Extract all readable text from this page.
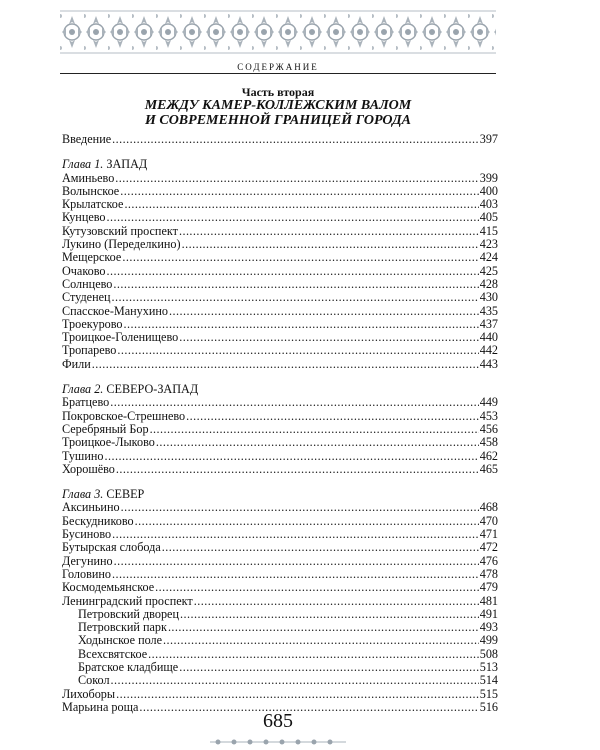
СОДЕРЖАНИЕ
Часть вторая
МЕЖДУ КАМЕР-КОЛЛЕЖСКИМ ВАЛОМ
И СОВРЕМЕННОЙ ГРАНИЦЕЙ ГОРОДА
Введение . . .	397
Глава 1. ЗАПАД
Аминьево . . .	399
Волынское . . .	400
Крылатское . . .	403
Кунцево . . .	405
Кутузовский проспект . . .	415
Лукино (Переделкино) . . .	423
Мещерское . . .	424
Очаково . . .	425
Солнцево . . .	428
Студенец . . .	430
Спасское-Манухино . . .	435
Троекурово . . .	437
Троицкое-Голенищево . . .	440
Тропарево . . .	442
Фили . . .	443
Глава 2. СЕВЕРО-ЗАПАД
Братцево . . .	449
Покровское-Стрешнево . . .	453
Серебряный Бор . . .	456
Троицкое-Лыково . . .	458
Тушино . . .	462
Хорошёво . . .	465
Глава 3. СЕВЕР
Аксиньино . . .	468
Бескудниково . . .	470
Бусиново . . .	471
Бутырская слобода . . .	472
Дегунино . . .	476
Головино . . .	478
Космодемьянское . . .	479
Ленинградский проспект . . .	481
Петровский дворец . . .	491
Петровский парк . . .	493
Ходынское поле . . .	499
Всехсвятское . . .	508
Братское кладбище . . .	513
Сокол . . .	514
Лихоборы . . .	515
Марьина роща . . .	516
685
